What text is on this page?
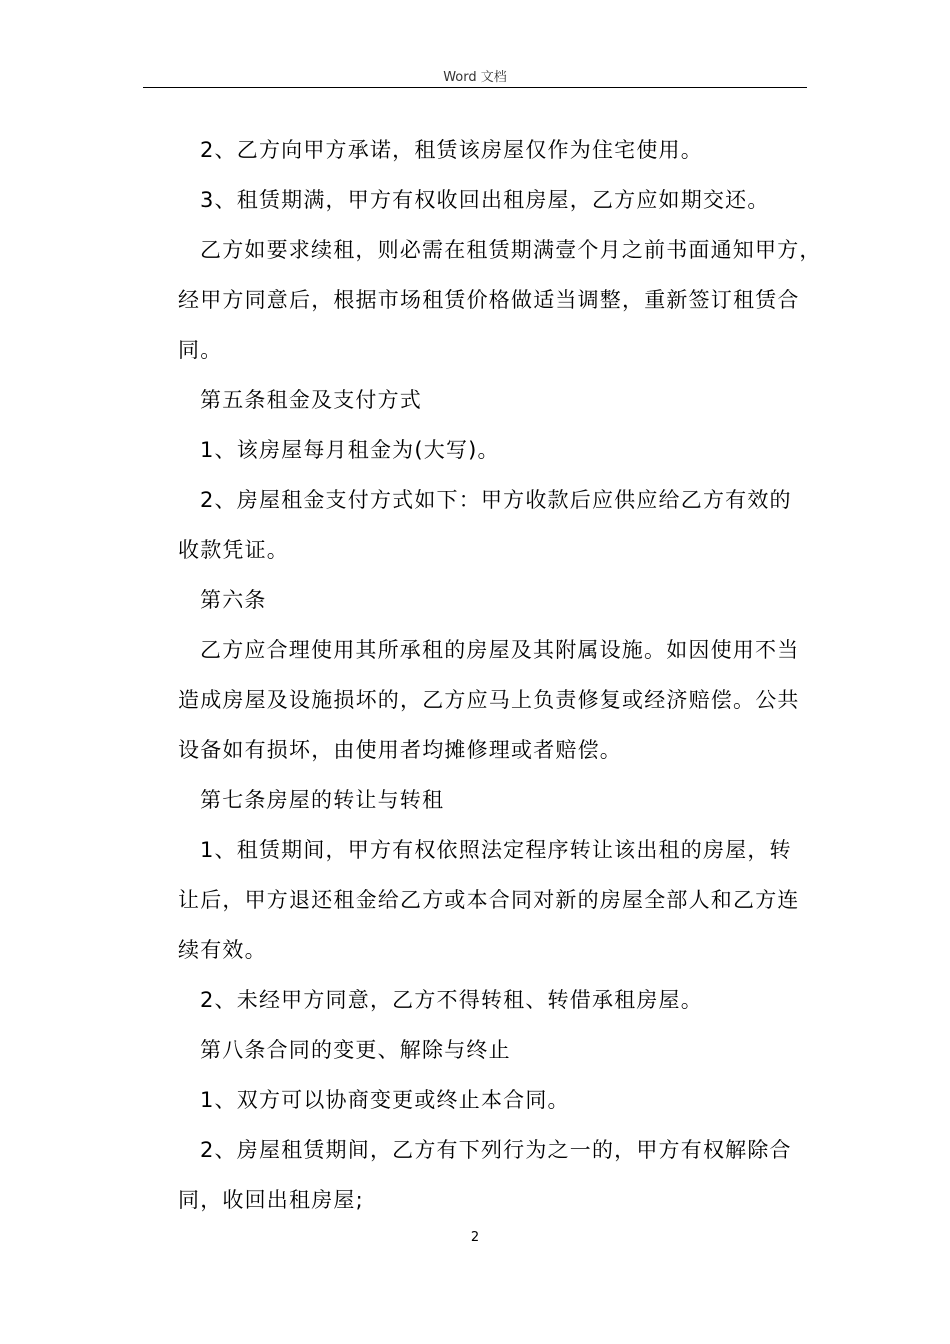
Word 文档
2、乙方向甲方承诺，租赁该房屋仅作为住宅使用。
3、租赁期满，甲方有权收回出租房屋，乙方应如期交还。
乙方如要求续租，则必需在租赁期满壹个月之前书面通知甲方，
经甲方同意后，根据市场租赁价格做适当调整，重新签订租赁合
同。
第五条租金及支付方式
1、该房屋每月租金为(大写)。
2、房屋租金支付方式如下：甲方收款后应供应给乙方有效的
收款凭证。
第六条
乙方应合理使用其所承租的房屋及其附属设施。如因使用不当
造成房屋及设施损坏的，乙方应马上负责修复或经济赔偿。公共
设备如有损坏，由使用者均摊修理或者赔偿。
第七条房屋的转让与转租
1、租赁期间，甲方有权依照法定程序转让该出租的房屋，转
让后，甲方退还租金给乙方或本合同对新的房屋全部人和乙方连
续有效。
2、未经甲方同意，乙方不得转租、转借承租房屋。
第八条合同的变更、解除与终止
1、双方可以协商变更或终止本合同。
2、房屋租赁期间，乙方有下列行为之一的，甲方有权解除合
同，收回出租房屋;
2
